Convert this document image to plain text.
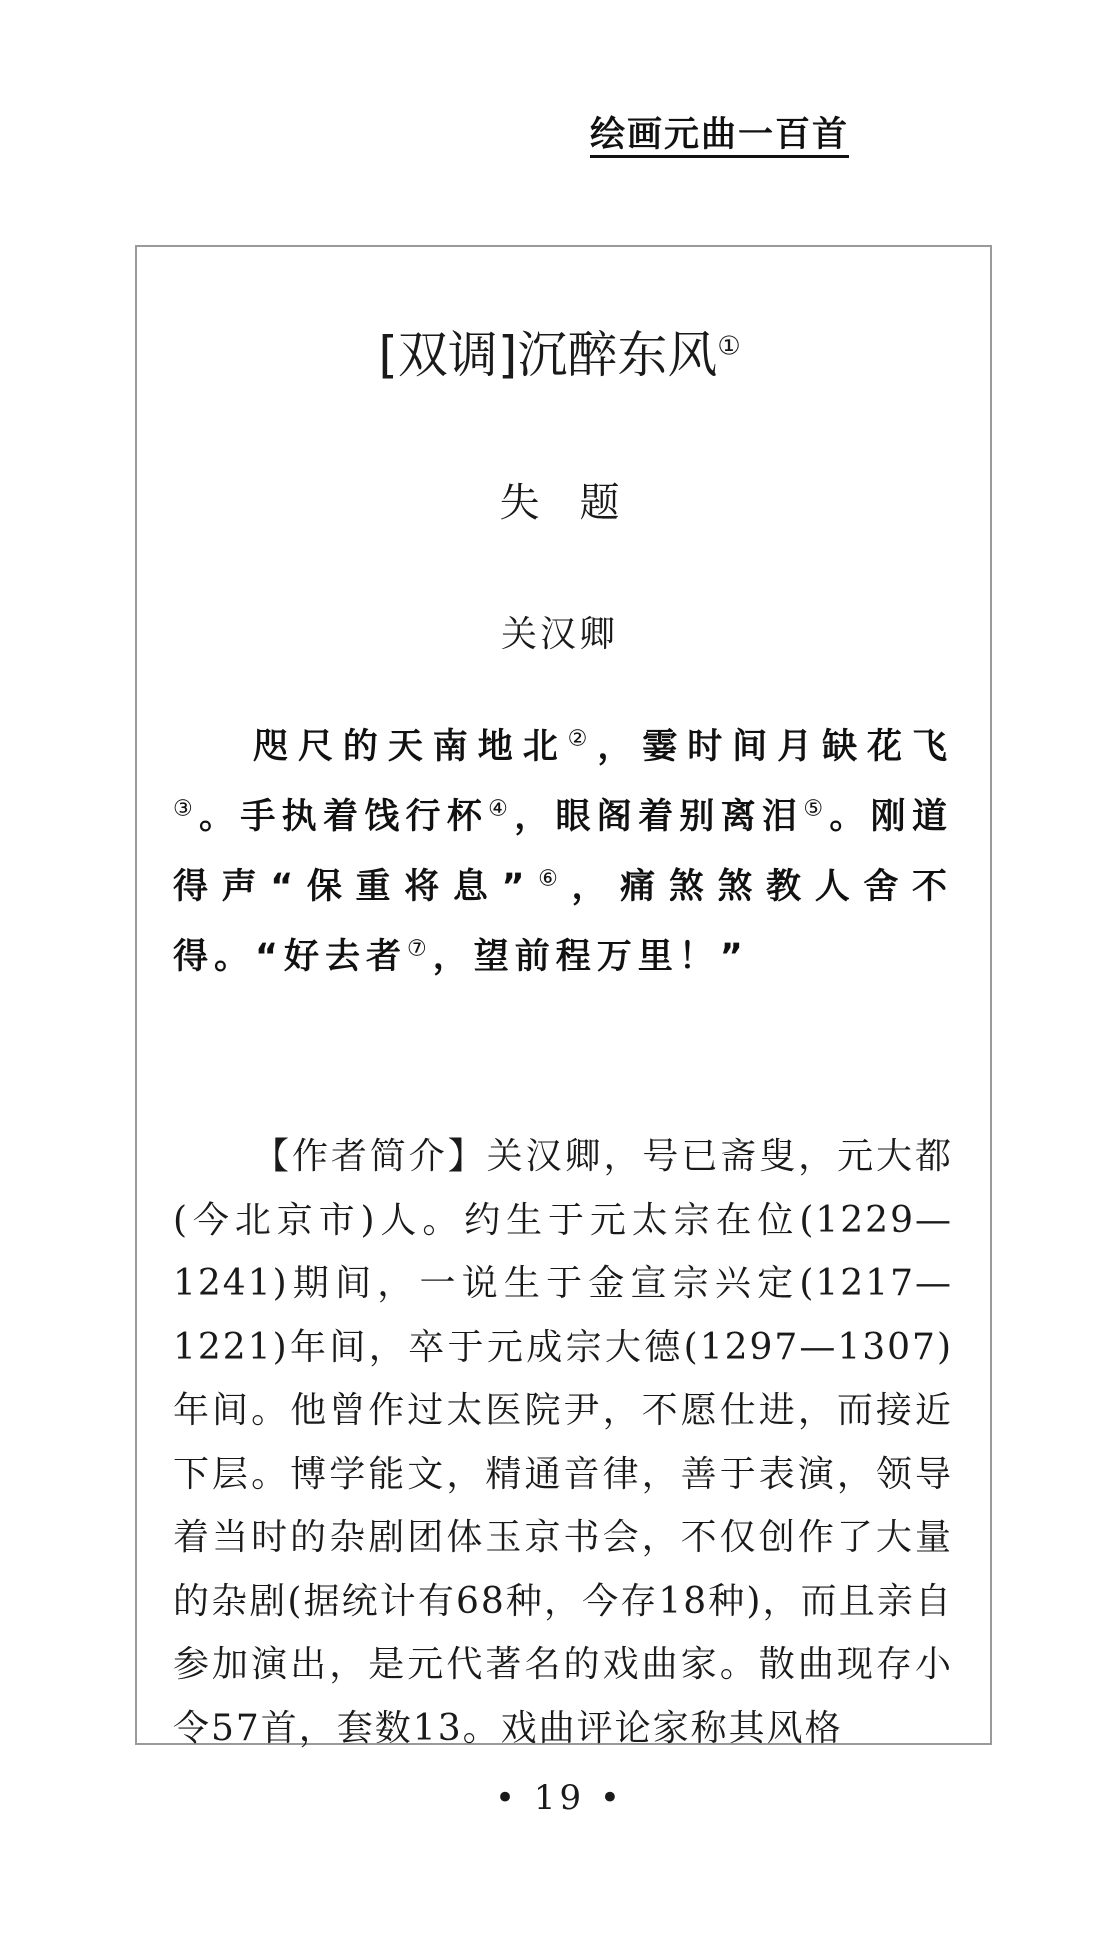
绘画元曲一百首
[双调]沉醉东风①
失题
关汉卿
咫尺的天南地北②，霎时间月缺花飞③。手执着饯行杯④，眼阁着别离泪⑤。刚道得声“保重将息”⑥，痛煞煞教人舍不得。“好去者⑦，望前程万里！”
【作者简介】关汉卿，号已斋叟，元大都(今北京市)人。约生于元太宗在位(1229—1241)期间，一说生于金宣宗兴定(1217—1221)年间，卒于元成宗大德(1297—1307)年间。他曾作过太医院尹，不愿仕进，而接近下层。博学能文，精通音律，善于表演，领导着当时的杂剧团体玉京书会，不仅创作了大量的杂剧(据统计有68种，今存18种)，而且亲自参加演出，是元代著名的戏曲家。散曲现存小令57首，套数13。戏曲评论家称其风格
• 19 •
